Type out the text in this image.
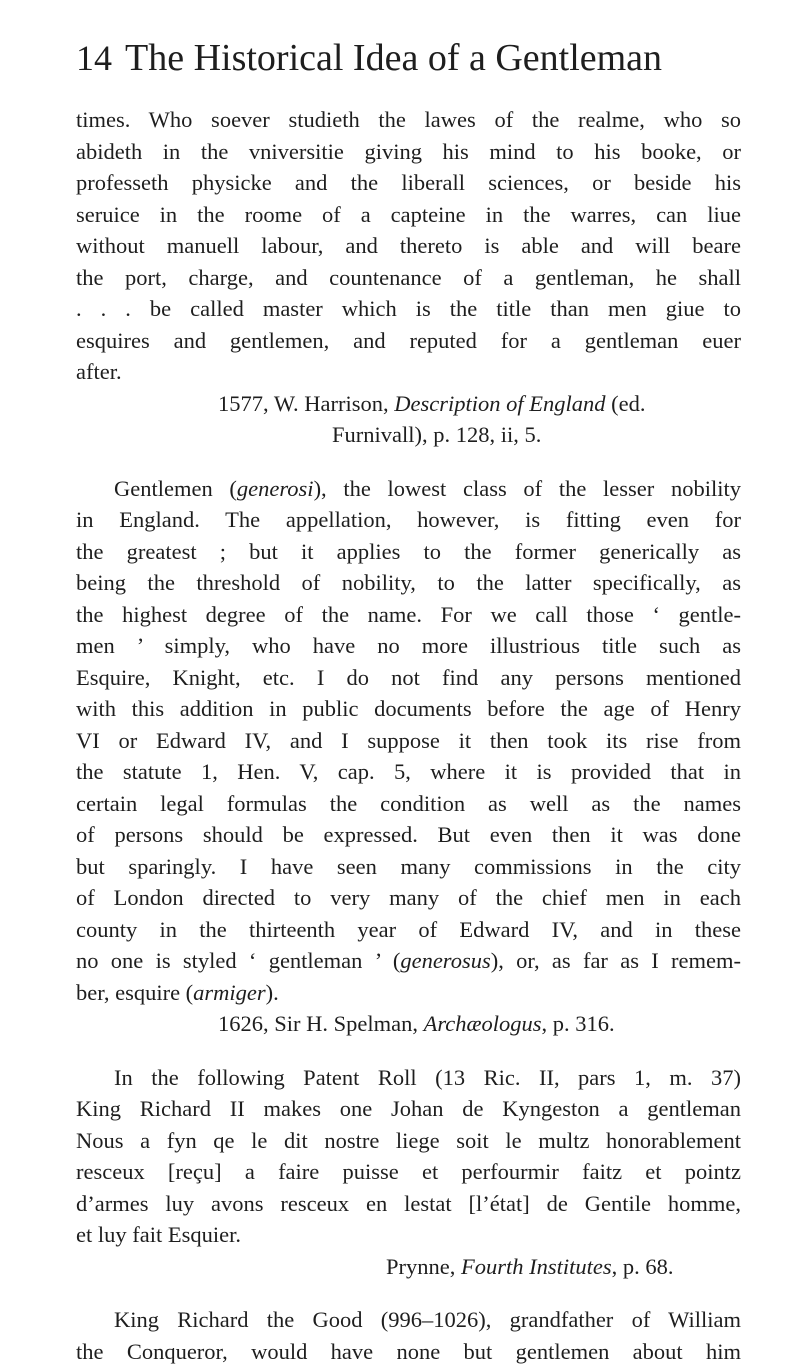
14 The Historical Idea of a Gentleman
times. Who soever studieth the lawes of the realme, who so
abideth in the vniversitie giving his mind to his booke, or
professeth physicke and the liberall sciences, or beside his
seruice in the roome of a capteine in the warres, can liue
without manuell labour, and thereto is able and will beare
the port, charge, and countenance of a gentleman, he shall
. . . be called master which is the title than men giue to
esquires and gentlemen, and reputed for a gentleman euer
after.
1577, W. Harrison, Description of England (ed.
Furnivall), p. 128, ii, 5.
Gentlemen (generosi), the lowest class of the lesser nobility
in England. The appellation, however, is fitting even for
the greatest ; but it applies to the former generically as
being the threshold of nobility, to the latter specifically, as
the highest degree of the name. For we call those ‘ gentle-
men ’ simply, who have no more illustrious title such as
Esquire, Knight, etc. I do not find any persons mentioned
with this addition in public documents before the age of Henry
VI or Edward IV, and I suppose it then took its rise from
the statute 1, Hen. V, cap. 5, where it is provided that in
certain legal formulas the condition as well as the names
of persons should be expressed. But even then it was done
but sparingly. I have seen many commissions in the city
of London directed to very many of the chief men in each
county in the thirteenth year of Edward IV, and in these
no one is styled ‘ gentleman ’ (generosus), or, as far as I remem-
ber, esquire (armiger).
1626, Sir H. Spelman, Archæologus, p. 316.
In the following Patent Roll (13 Ric. II, pars 1, m. 37)
King Richard II makes one Johan de Kyngeston a gentleman
Nous a fyn qe le dit nostre liege soit le multz honorablement
resceux [reçu] a faire puisse et perfourmir faitz et pointz
d’armes luy avons resceux en lestat [l’état] de Gentile homme,
et luy fait Esquier.
Prynne, Fourth Institutes, p. 68.
King Richard the Good (996–1026), grandfather of William
the Conqueror, would have none but gentlemen about him
